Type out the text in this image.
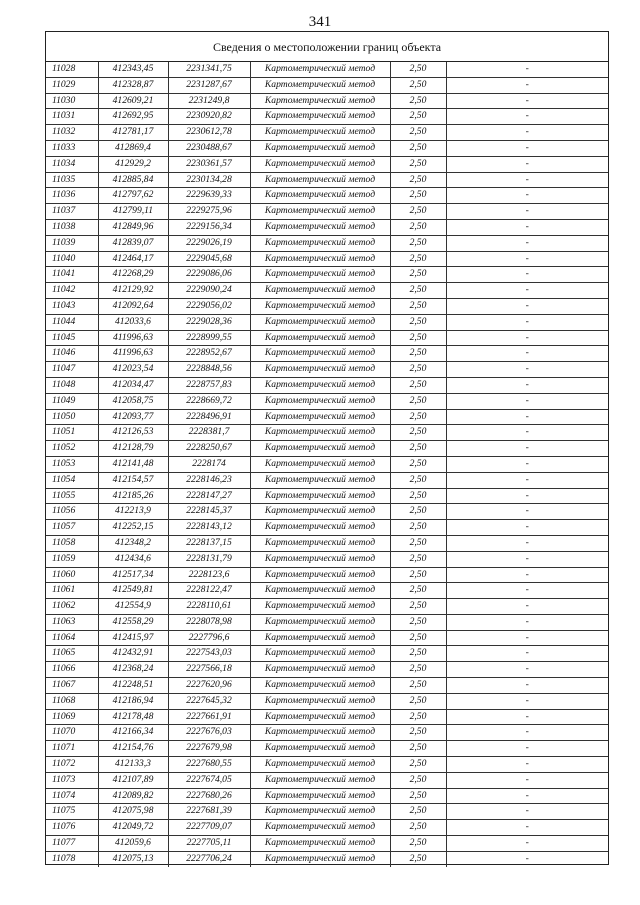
341
Сведения о местоположении границ объекта
11028	412343,45	2231341,75	Картометрический метод	2,50	-
11029	412328,87	2231287,67	Картометрический метод	2,50	-
11030	412609,21	2231249,8	Картометрический метод	2,50	-
11031	412692,95	2230920,82	Картометрический метод	2,50	-
11032	412781,17	2230612,78	Картометрический метод	2,50	-
11033	412869,4	2230488,67	Картометрический метод	2,50	-
11034	412929,2	2230361,57	Картометрический метод	2,50	-
11035	412885,84	2230134,28	Картометрический метод	2,50	-
11036	412797,62	2229639,33	Картометрический метод	2,50	-
11037	412799,11	2229275,96	Картометрический метод	2,50	-
11038	412849,96	2229156,34	Картометрический метод	2,50	-
11039	412839,07	2229026,19	Картометрический метод	2,50	-
11040	412464,17	2229045,68	Картометрический метод	2,50	-
11041	412268,29	2229086,06	Картометрический метод	2,50	-
11042	412129,92	2229090,24	Картометрический метод	2,50	-
11043	412092,64	2229056,02	Картометрический метод	2,50	-
11044	412033,6	2229028,36	Картометрический метод	2,50	-
11045	411996,63	2228999,55	Картометрический метод	2,50	-
11046	411996,63	2228952,67	Картометрический метод	2,50	-
11047	412023,54	2228848,56	Картометрический метод	2,50	-
11048	412034,47	2228757,83	Картометрический метод	2,50	-
11049	412058,75	2228669,72	Картометрический метод	2,50	-
11050	412093,77	2228496,91	Картометрический метод	2,50	-
11051	412126,53	2228381,7	Картометрический метод	2,50	-
11052	412128,79	2228250,67	Картометрический метод	2,50	-
11053	412141,48	2228174	Картометрический метод	2,50	-
11054	412154,57	2228146,23	Картометрический метод	2,50	-
11055	412185,26	2228147,27	Картометрический метод	2,50	-
11056	412213,9	2228145,37	Картометрический метод	2,50	-
11057	412252,15	2228143,12	Картометрический метод	2,50	-
11058	412348,2	2228137,15	Картометрический метод	2,50	-
11059	412434,6	2228131,79	Картометрический метод	2,50	-
11060	412517,34	2228123,6	Картометрический метод	2,50	-
11061	412549,81	2228122,47	Картометрический метод	2,50	-
11062	412554,9	2228110,61	Картометрический метод	2,50	-
11063	412558,29	2228078,98	Картометрический метод	2,50	-
11064	412415,97	2227796,6	Картометрический метод	2,50	-
11065	412432,91	2227543,03	Картометрический метод	2,50	-
11066	412368,24	2227566,18	Картометрический метод	2,50	-
11067	412248,51	2227620,96	Картометрический метод	2,50	-
11068	412186,94	2227645,32	Картометрический метод	2,50	-
11069	412178,48	2227661,91	Картометрический метод	2,50	-
11070	412166,34	2227676,03	Картометрический метод	2,50	-
11071	412154,76	2227679,98	Картометрический метод	2,50	-
11072	412133,3	2227680,55	Картометрический метод	2,50	-
11073	412107,89	2227674,05	Картометрический метод	2,50	-
11074	412089,82	2227680,26	Картометрический метод	2,50	-
11075	412075,98	2227681,39	Картометрический метод	2,50	-
11076	412049,72	2227709,07	Картометрический метод	2,50	-
11077	412059,6	2227705,11	Картометрический метод	2,50	-
11078	412075,13	2227706,24	Картометрический метод	2,50	-
